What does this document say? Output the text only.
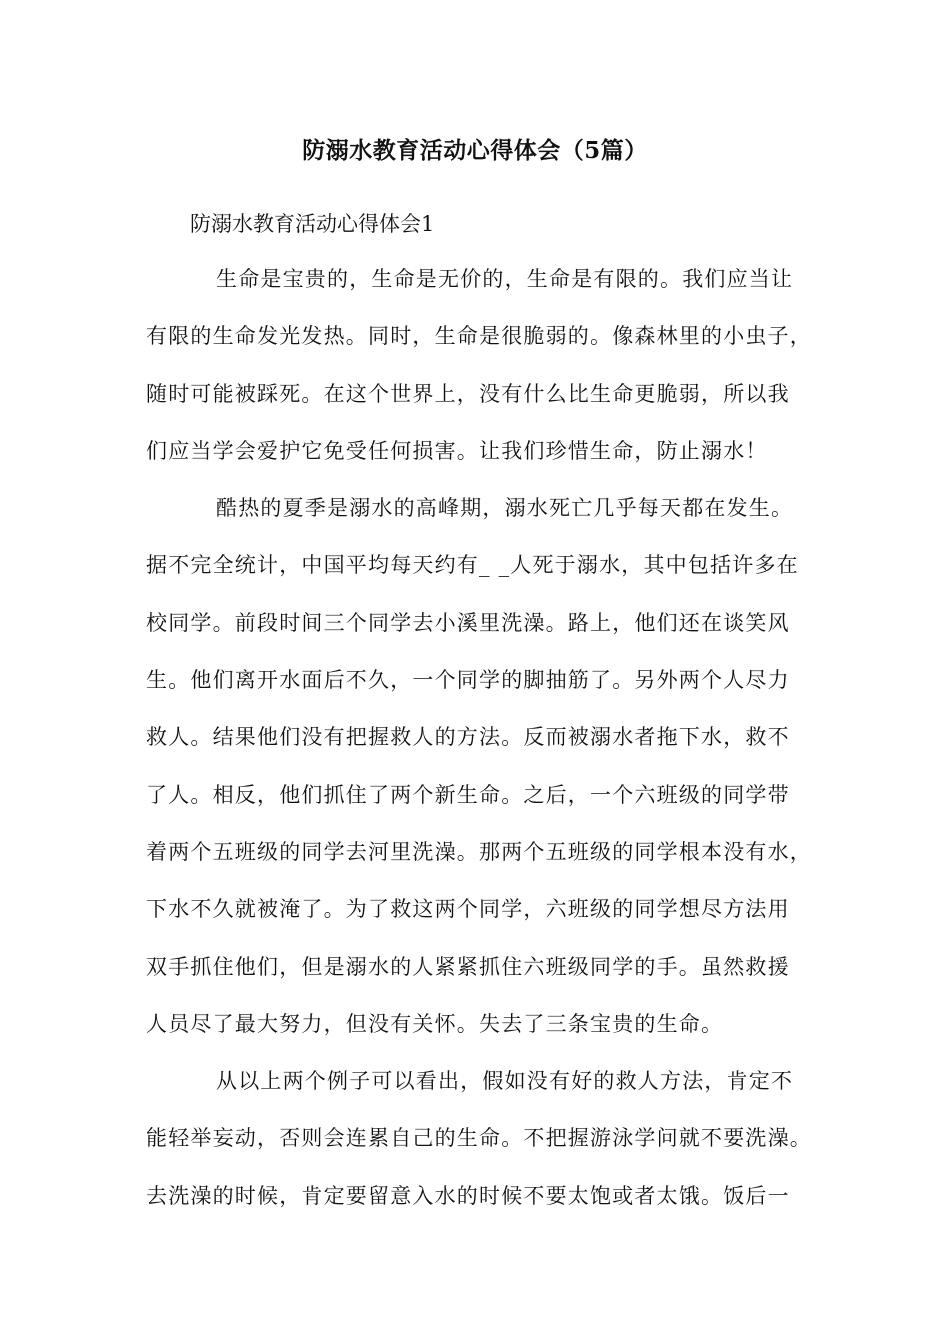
防溺水教育活动心得体会（5篇）
防溺水教育活动心得体会1
生命是宝贵的，生命是无价的，生命是有限的。我们应当让
有限的生命发光发热。同时，生命是很脆弱的。像森林里的小虫子，
随时可能被踩死。在这个世界上，没有什么比生命更脆弱，所以我
们应当学会爱护它免受任何损害。让我们珍惜生命，防止溺水！
酷热的夏季是溺水的高峰期，溺水死亡几乎每天都在发生。
据不完全统计，中国平均每天约有_ _人死于溺水，其中包括许多在
校同学。前段时间三个同学去小溪里洗澡。路上，他们还在谈笑风
生。他们离开水面后不久，一个同学的脚抽筋了。另外两个人尽力
救人。结果他们没有把握救人的方法。反而被溺水者拖下水，救不
了人。相反，他们抓住了两个新生命。之后，一个六班级的同学带
着两个五班级的同学去河里洗澡。那两个五班级的同学根本没有水，
下水不久就被淹了。为了救这两个同学，六班级的同学想尽方法用
双手抓住他们，但是溺水的人紧紧抓住六班级同学的手。虽然救援
人员尽了最大努力，但没有关怀。失去了三条宝贵的生命。
从以上两个例子可以看出，假如没有好的救人方法，肯定不
能轻举妄动，否则会连累自己的生命。不把握游泳学问就不要洗澡。
去洗澡的时候，肯定要留意入水的时候不要太饱或者太饿。饭后一
